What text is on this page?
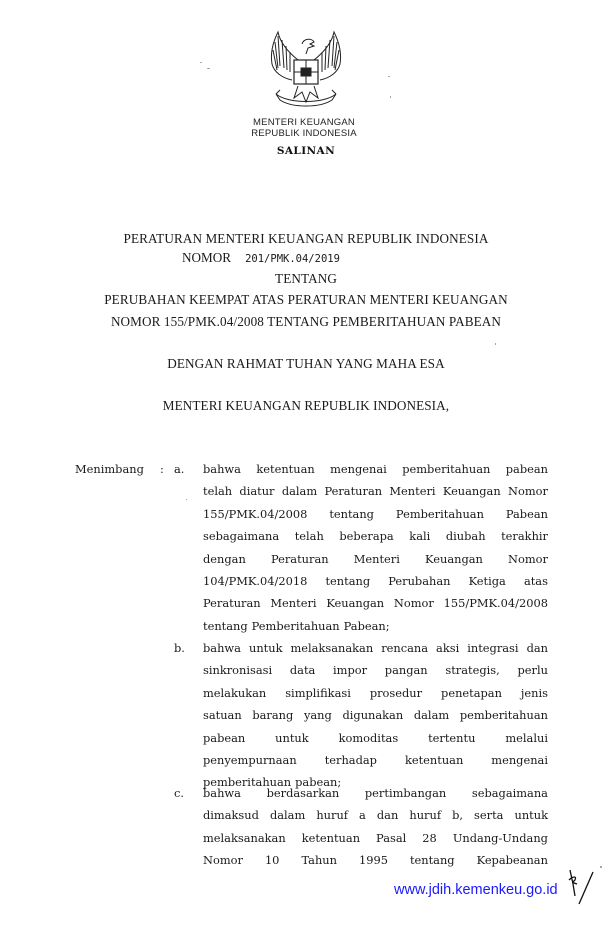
MENTERI KEUANGAN
REPUBLIK INDONESIA
SALINAN
PERATURAN MENTERI KEUANGAN REPUBLIK INDONESIA
NOMOR 201/PMK.04/2019
TENTANG
PERUBAHAN KEEMPAT ATAS PERATURAN MENTERI KEUANGAN
NOMOR 155/PMK.04/2008 TENTANG PEMBERITAHUAN PABEAN
DENGAN RAHMAT TUHAN YANG MAHA ESA
MENTERI KEUANGAN REPUBLIK INDONESIA,
Menimbang : a. bahwa ketentuan mengenai pemberitahuan pabean
telah diatur dalam Peraturan Menteri Keuangan Nomor
155/PMK.04/2008 tentang Pemberitahuan Pabean
sebagaimana telah beberapa kali diubah terakhir
dengan Peraturan Menteri Keuangan Nomor
104/PMK.04/2018 tentang Perubahan Ketiga atas
Peraturan Menteri Keuangan Nomor 155/PMK.04/2008
tentang Pemberitahuan Pabean;
b. bahwa untuk melaksanakan rencana aksi integrasi dan
sinkronisasi data impor pangan strategis, perlu
melakukan simplifikasi prosedur penetapan jenis
satuan barang yang digunakan dalam pemberitahuan
pabean	untuk	komoditas	tertentu	melalui
penyempurnaan terhadap ketentuan mengenai
pemberitahuan pabean;
c. bahwa berdasarkan pertimbangan sebagaimana
dimaksud dalam huruf a dan huruf b, serta untuk
melaksanakan ketentuan Pasal 28 Undang-Undang
Nomor 10 Tahun 1995 tentang Kepabeanan
www.jdih.kemenkeu.go.id
